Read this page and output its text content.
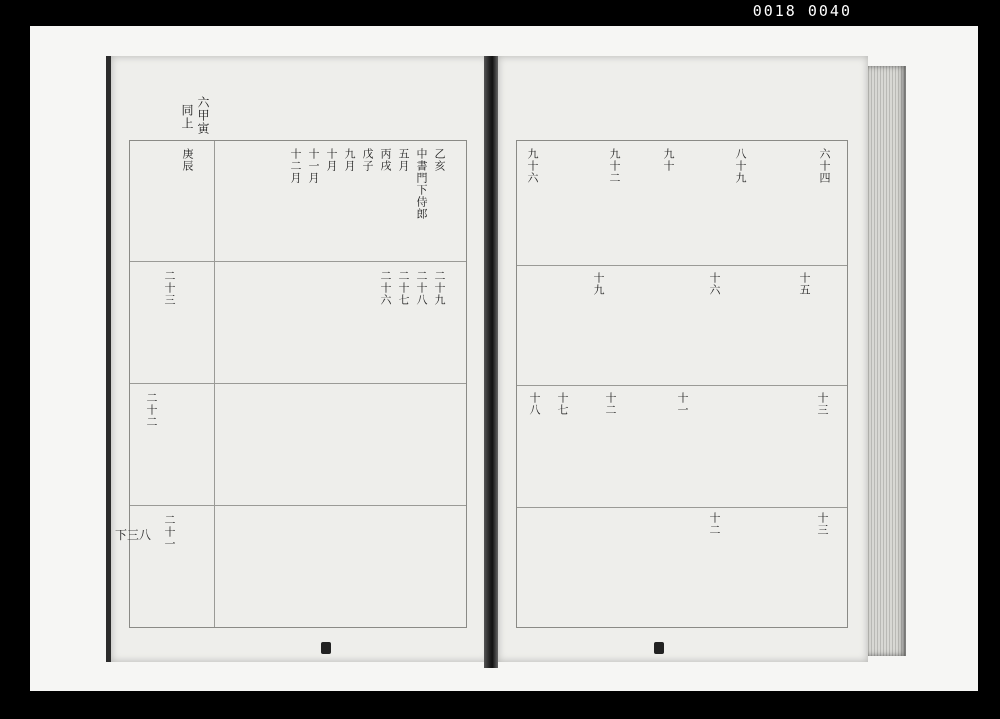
0018 0040
六甲寅
同上
乙亥
中書門下侍郎
五月
丙戌
戊子
九月
十月
十一月
十二月
二十九
二十八
二十七
二十六
庚辰
二十三
二十二
二十一
下三八
六十四
八十九
九十
九十二
九十六
十三
十五
十六
十九
十一
十二
十三
十七
十八
十二
